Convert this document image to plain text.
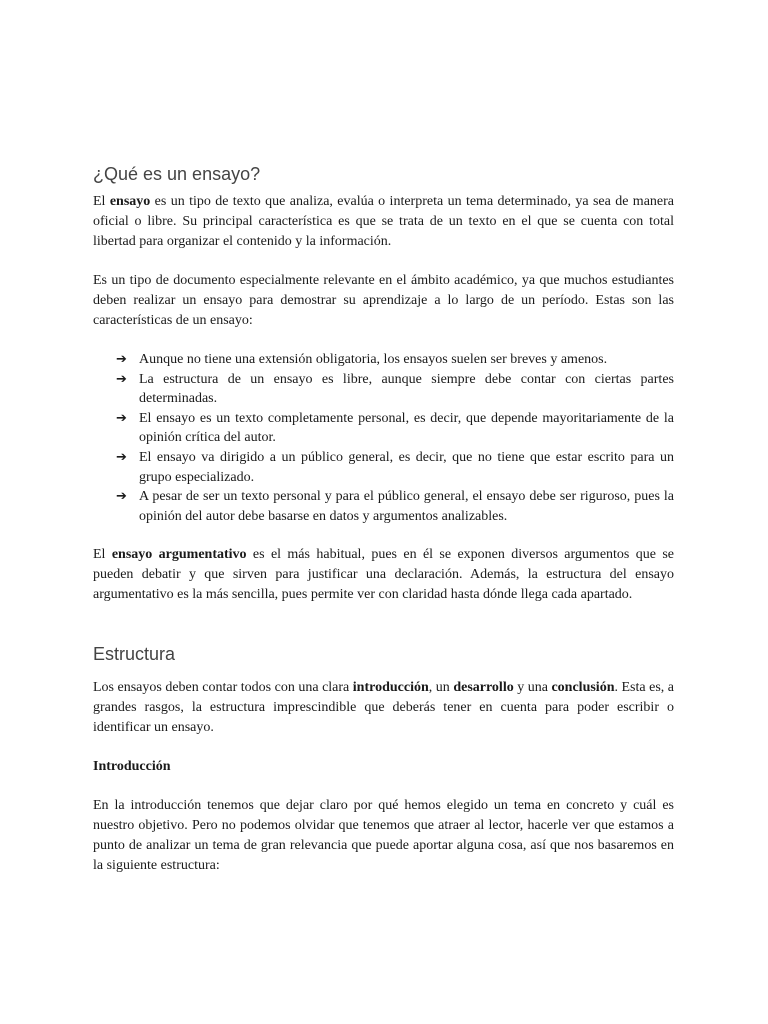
¿Qué es un ensayo?

El ensayo es un tipo de texto que analiza, evalúa o interpreta un tema determinado, ya sea de manera oficial o libre. Su principal característica es que se trata de un texto en el que se cuenta con total libertad para organizar el contenido y la información.

Es un tipo de documento especialmente relevante en el ámbito académico, ya que muchos estudiantes deben realizar un ensayo para demostrar su aprendizaje a lo largo de un período. Estas son las características de un ensayo:

➔ Aunque no tiene una extensión obligatoria, los ensayos suelen ser breves y amenos.
➔ La estructura de un ensayo es libre, aunque siempre debe contar con ciertas partes determinadas.
➔ El ensayo es un texto completamente personal, es decir, que depende mayoritariamente de la opinión crítica del autor.
➔ El ensayo va dirigido a un público general, es decir, que no tiene que estar escrito para un grupo especializado.
➔ A pesar de ser un texto personal y para el público general, el ensayo debe ser riguroso, pues la opinión del autor debe basarse en datos y argumentos analizables.

El ensayo argumentativo es el más habitual, pues en él se exponen diversos argumentos que se pueden debatir y que sirven para justificar una declaración. Además, la estructura del ensayo argumentativo es la más sencilla, pues permite ver con claridad hasta dónde llega cada apartado.

Estructura

Los ensayos deben contar todos con una clara introducción, un desarrollo y una conclusión. Esta es, a grandes rasgos, la estructura imprescindible que deberás tener en cuenta para poder escribir o identificar un ensayo.

Introducción

En la introducción tenemos que dejar claro por qué hemos elegido un tema en concreto y cuál es nuestro objetivo. Pero no podemos olvidar que tenemos que atraer al lector, hacerle ver que estamos a punto de analizar un tema de gran relevancia que puede aportar alguna cosa, así que nos basaremos en la siguiente estructura:
